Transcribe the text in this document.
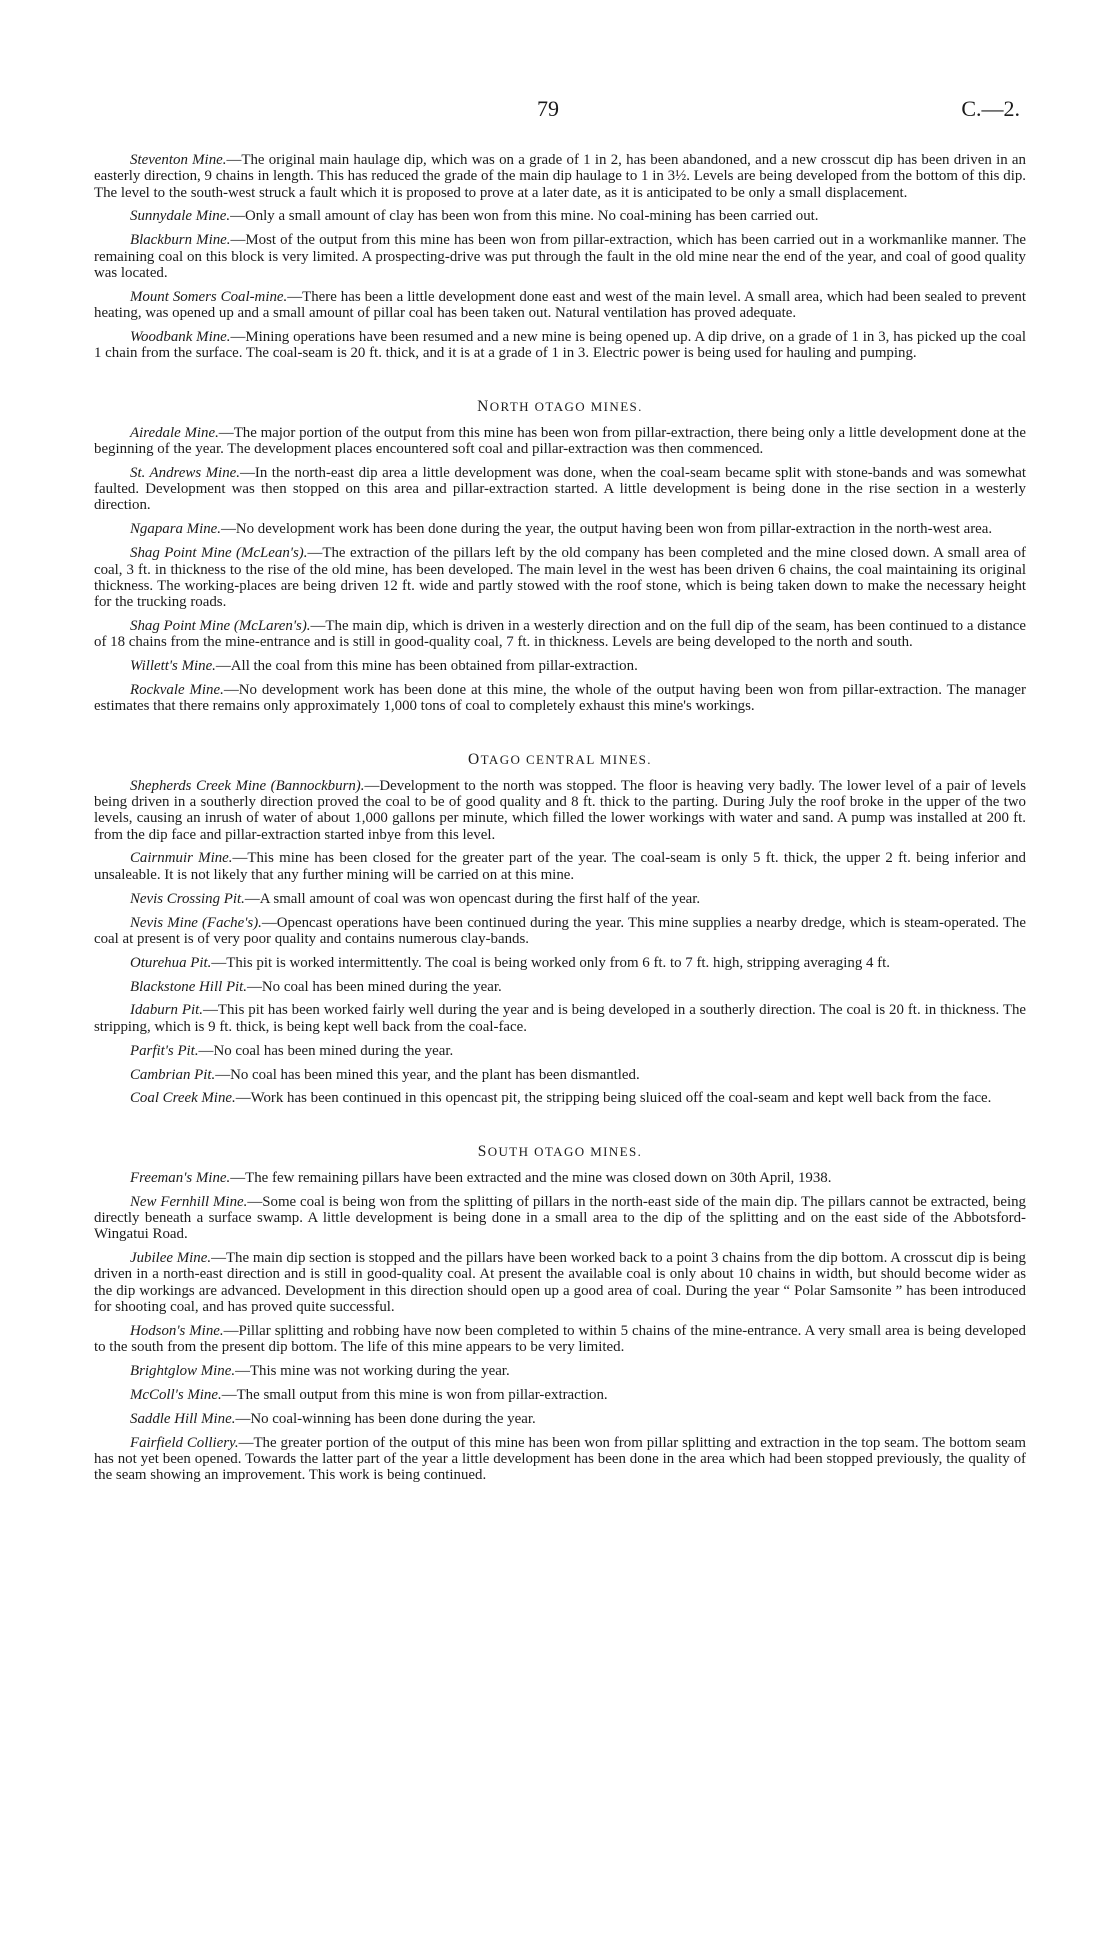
79	C.—2.

Steventon Mine.—The original main haulage dip, which was on a grade of 1 in 2, has been abandoned, and a new crosscut dip has been driven in an easterly direction, 9 chains in length. This has reduced the grade of the main dip haulage to 1 in 3½. Levels are being developed from the bottom of this dip. The level to the south-west struck a fault which it is proposed to prove at a later date, as it is anticipated to be only a small displacement.

Sunnydale Mine.—Only a small amount of clay has been won from this mine. No coal-mining has been carried out.

Blackburn Mine.—Most of the output from this mine has been won from pillar-extraction, which has been carried out in a workmanlike manner. The remaining coal on this block is very limited. A prospecting-drive was put through the fault in the old mine near the end of the year, and coal of good quality was located.

Mount Somers Coal-mine.—There has been a little development done east and west of the main level. A small area, which had been sealed to prevent heating, was opened up and a small amount of pillar coal has been taken out. Natural ventilation has proved adequate.

Woodbank Mine.—Mining operations have been resumed and a new mine is being opened up. A dip drive, on a grade of 1 in 3, has picked up the coal 1 chain from the surface. The coal-seam is 20 ft. thick, and it is at a grade of 1 in 3. Electric power is being used for hauling and pumping.

NORTH OTAGO MINES.

Airedale Mine.—The major portion of the output from this mine has been won from pillar-extraction, there being only a little development done at the beginning of the year. The development places encountered soft coal and pillar-extraction was then commenced.

St. Andrews Mine.—In the north-east dip area a little development was done, when the coal-seam became split with stone-bands and was somewhat faulted. Development was then stopped on this area and pillar-extraction started. A little development is being done in the rise section in a westerly direction.

Ngapara Mine.—No development work has been done during the year, the output having been won from pillar-extraction in the north-west area.

Shag Point Mine (McLean's).—The extraction of the pillars left by the old company has been completed and the mine closed down. A small area of coal, 3 ft. in thickness to the rise of the old mine, has been developed. The main level in the west has been driven 6 chains, the coal maintaining its original thickness. The working-places are being driven 12 ft. wide and partly stowed with the roof stone, which is being taken down to make the necessary height for the trucking roads.

Shag Point Mine (McLaren's).—The main dip, which is driven in a westerly direction and on the full dip of the seam, has been continued to a distance of 18 chains from the mine-entrance and is still in good-quality coal, 7 ft. in thickness. Levels are being developed to the north and south.

Willett's Mine.—All the coal from this mine has been obtained from pillar-extraction.

Rockvale Mine.—No development work has been done at this mine, the whole of the output having been won from pillar-extraction. The manager estimates that there remains only approximately 1,000 tons of coal to completely exhaust this mine's workings.

OTAGO CENTRAL MINES.

Shepherds Creek Mine (Bannockburn).—Development to the north was stopped. The floor is heaving very badly. The lower level of a pair of levels being driven in a southerly direction proved the coal to be of good quality and 8 ft. thick to the parting. During July the roof broke in the upper of the two levels, causing an inrush of water of about 1,000 gallons per minute, which filled the lower workings with water and sand. A pump was installed at 200 ft. from the dip face and pillar-extraction started inbye from this level.

Cairnmuir Mine.—This mine has been closed for the greater part of the year. The coal-seam is only 5 ft. thick, the upper 2 ft. being inferior and unsaleable. It is not likely that any further mining will be carried on at this mine.

Nevis Crossing Pit.—A small amount of coal was won opencast during the first half of the year.

Nevis Mine (Fache's).—Opencast operations have been continued during the year. This mine supplies a nearby dredge, which is steam-operated. The coal at present is of very poor quality and contains numerous clay-bands.

Oturehua Pit.—This pit is worked intermittently. The coal is being worked only from 6 ft. to 7 ft. high, stripping averaging 4 ft.

Blackstone Hill Pit.—No coal has been mined during the year.

Idaburn Pit.—This pit has been worked fairly well during the year and is being developed in a southerly direction. The coal is 20 ft. in thickness. The stripping, which is 9 ft. thick, is being kept well back from the coal-face.

Parfit's Pit.—No coal has been mined during the year.

Cambrian Pit.—No coal has been mined this year, and the plant has been dismantled.

Coal Creek Mine.—Work has been continued in this opencast pit, the stripping being sluiced off the coal-seam and kept well back from the face.

SOUTH OTAGO MINES.

Freeman's Mine.—The few remaining pillars have been extracted and the mine was closed down on 30th April, 1938.

New Fernhill Mine.—Some coal is being won from the splitting of pillars in the north-east side of the main dip. The pillars cannot be extracted, being directly beneath a surface swamp. A little development is being done in a small area to the dip of the splitting and on the east side of the Abbotsford-Wingatui Road.

Jubilee Mine.—The main dip section is stopped and the pillars have been worked back to a point 3 chains from the dip bottom. A crosscut dip is being driven in a north-east direction and is still in good-quality coal. At present the available coal is only about 10 chains in width, but should become wider as the dip workings are advanced. Development in this direction should open up a good area of coal. During the year “ Polar Samsonite ” has been introduced for shooting coal, and has proved quite successful.

Hodson's Mine.—Pillar splitting and robbing have now been completed to within 5 chains of the mine-entrance. A very small area is being developed to the south from the present dip bottom. The life of this mine appears to be very limited.

Brightglow Mine.—This mine was not working during the year.

McColl's Mine.—The small output from this mine is won from pillar-extraction.

Saddle Hill Mine.—No coal-winning has been done during the year.

Fairfield Colliery.—The greater portion of the output of this mine has been won from pillar splitting and extraction in the top seam. The bottom seam has not yet been opened. Towards the latter part of the year a little development has been done in the area which had been stopped previously, the quality of the seam showing an improvement. This work is being continued.
